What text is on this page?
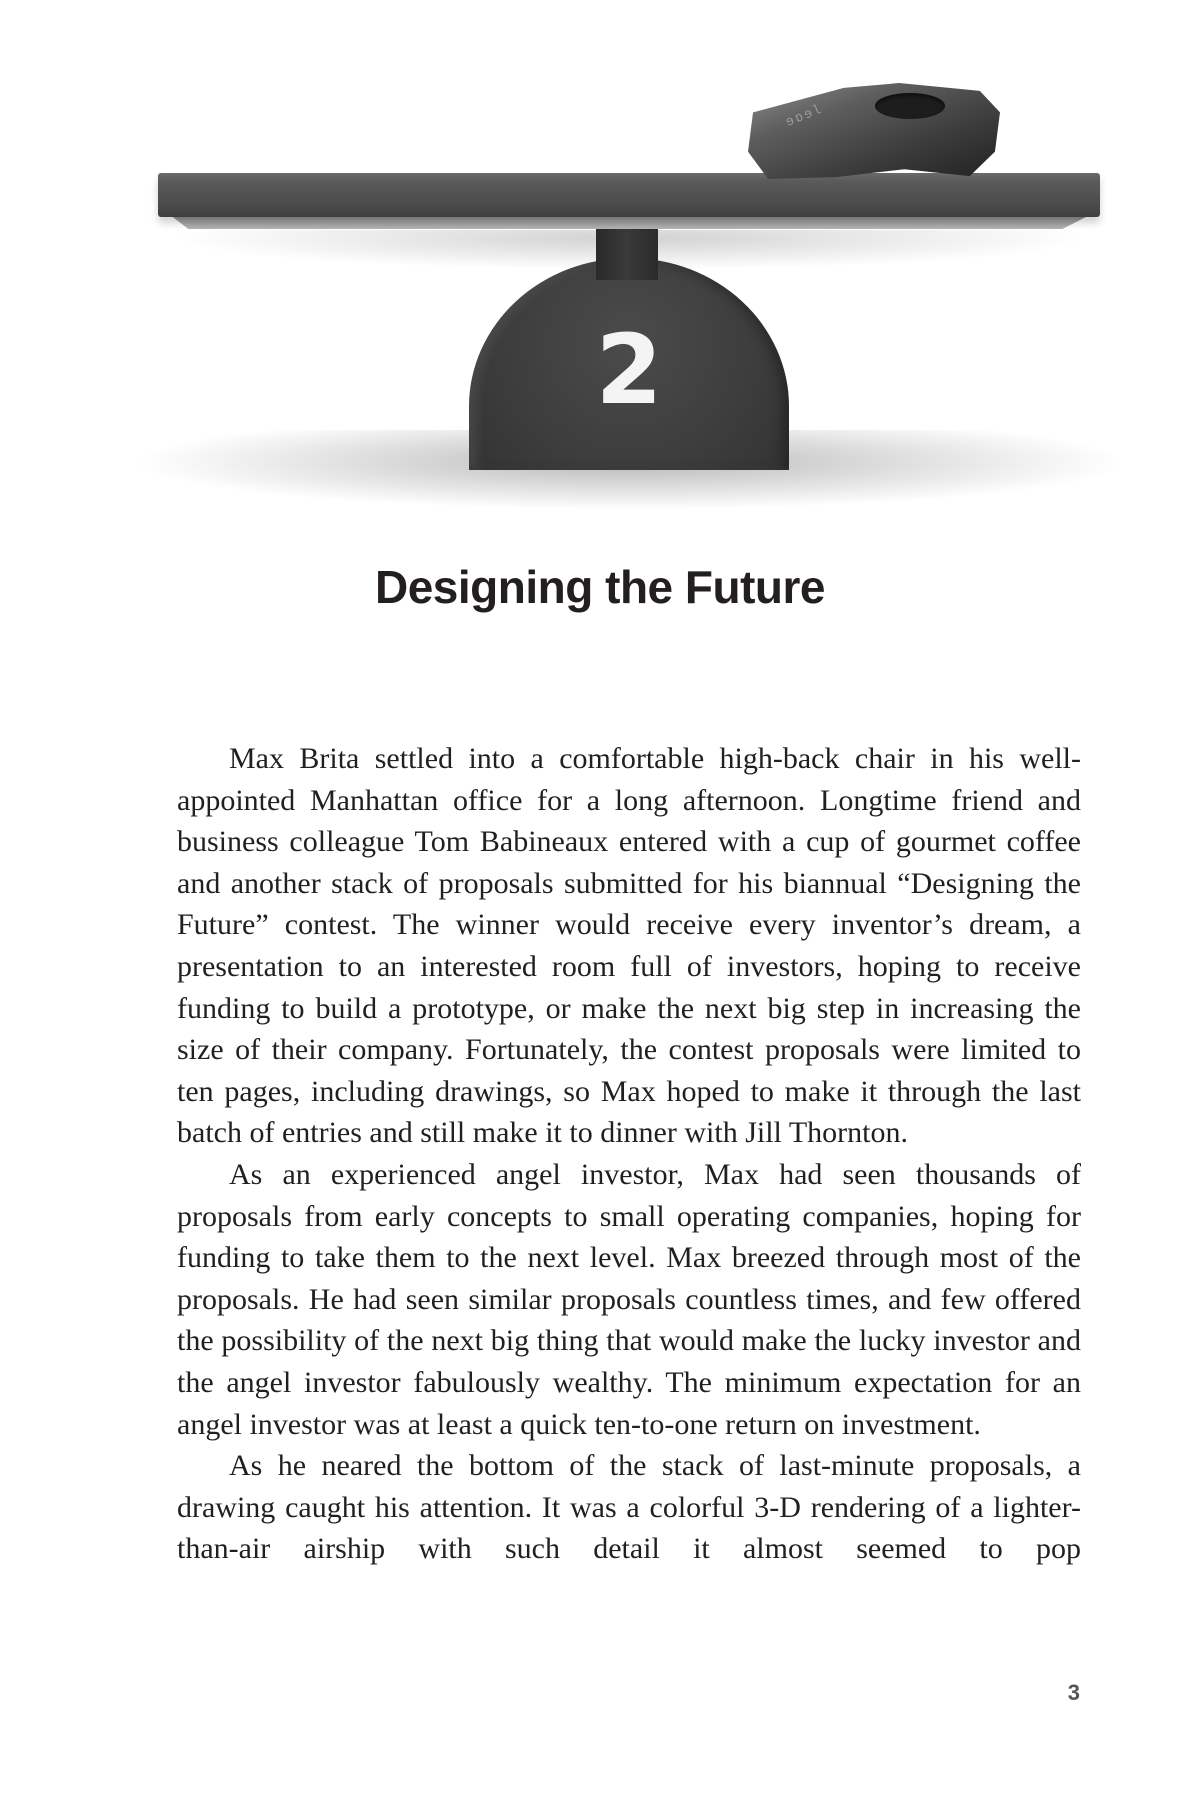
ɘɒɘl
2
Designing the Future

Max Brita settled into a comfortable high-back chair in his well-appointed Manhattan office for a long afternoon. Longtime friend and business colleague Tom Babineaux entered with a cup of gourmet coffee and another stack of proposals submitted for his biannual “Designing the Future” contest. The winner would receive every inventor’s dream, a presentation to an interested room full of investors, hoping to receive funding to build a prototype, or make the next big step in increasing the size of their company. Fortunately, the contest proposals were limited to ten pages, including drawings, so Max hoped to make it through the last batch of entries and still make it to dinner with Jill Thornton.

As an experienced angel investor, Max had seen thousands of proposals from early concepts to small operating companies, hoping for funding to take them to the next level. Max breezed through most of the proposals. He had seen similar proposals countless times, and few offered the possibility of the next big thing that would make the lucky investor and the angel investor fabulously wealthy. The minimum expectation for an angel investor was at least a quick ten-to-one return on investment.

As he neared the bottom of the stack of last-minute proposals, a drawing caught his attention. It was a colorful 3-D rendering of a lighter-than-air airship with such detail it almost seemed to pop

3
